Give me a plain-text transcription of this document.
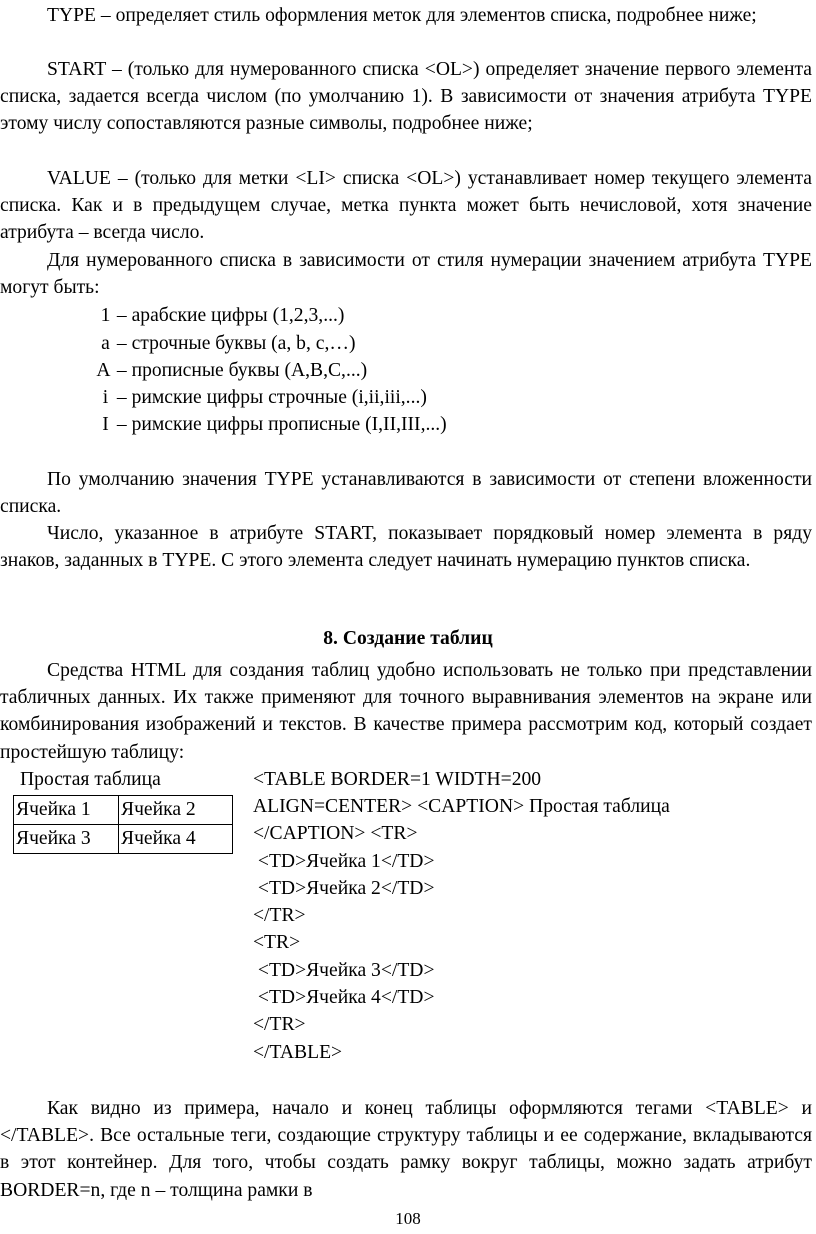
TYPE – определяет стиль оформления меток для элементов списка, подробнее ниже;

START – (только для нумерованного списка <OL>) определяет значение первого элемента списка, задается всегда числом (по умолчанию 1). В зависимости от значения атрибута TYPE этому числу сопоставляются разные символы, подробнее ниже;

VALUE – (только для метки <LI> списка <OL>) устанавливает номер текущего элемента списка. Как и в предыдущем случае, метка пункта может быть нечисловой, хотя значение атрибута – всегда число.

Для нумерованного списка в зависимости от стиля нумерации значением атрибута TYPE могут быть:

1 – арабские цифры (1,2,3,...)
a – строчные буквы (a, b, c,…)
A – прописные буквы (A,B,C,...)
i – римские цифры строчные (i,ii,iii,...)
I – римские цифры прописные (I,II,III,...)

По умолчанию значения TYPE устанавливаются в зависимости от степени вложенности списка.

Число, указанное в атрибуте START, показывает порядковый номер элемента в ряду знаков, заданных в TYPE. С этого элемента следует начинать нумерацию пунктов списка.

8. Создание таблиц

Средства HTML для создания таблиц удобно использовать не только при представлении табличных данных. Их также применяют для точного выравнивания элементов на экране или комбинирования изображений и текстов. В качестве примера рассмотрим код, который создает простейшую таблицу:

Простая таблица
Ячейка 1	Ячейка 2
Ячейка 3	Ячейка 4
<TABLE BORDER=1 WIDTH=200
ALIGN=CENTER> <CAPTION> Простая таблица
</CAPTION> <TR>
<TD>Ячейка 1</TD>
<TD>Ячейка 2</TD>
</TR>
<TR>
<TD>Ячейка 3</TD>
<TD>Ячейка 4</TD>
</TR>
</TABLE>

Как видно из примера, начало и конец таблицы оформляются тегами <TABLE> и </TABLE>. Все остальные теги, создающие структуру таблицы и ее содержание, вкладываются в этот контейнер. Для того, чтобы создать рамку вокруг таблицы, можно задать атрибут BORDER=n, где n – толщина рамки в

108
